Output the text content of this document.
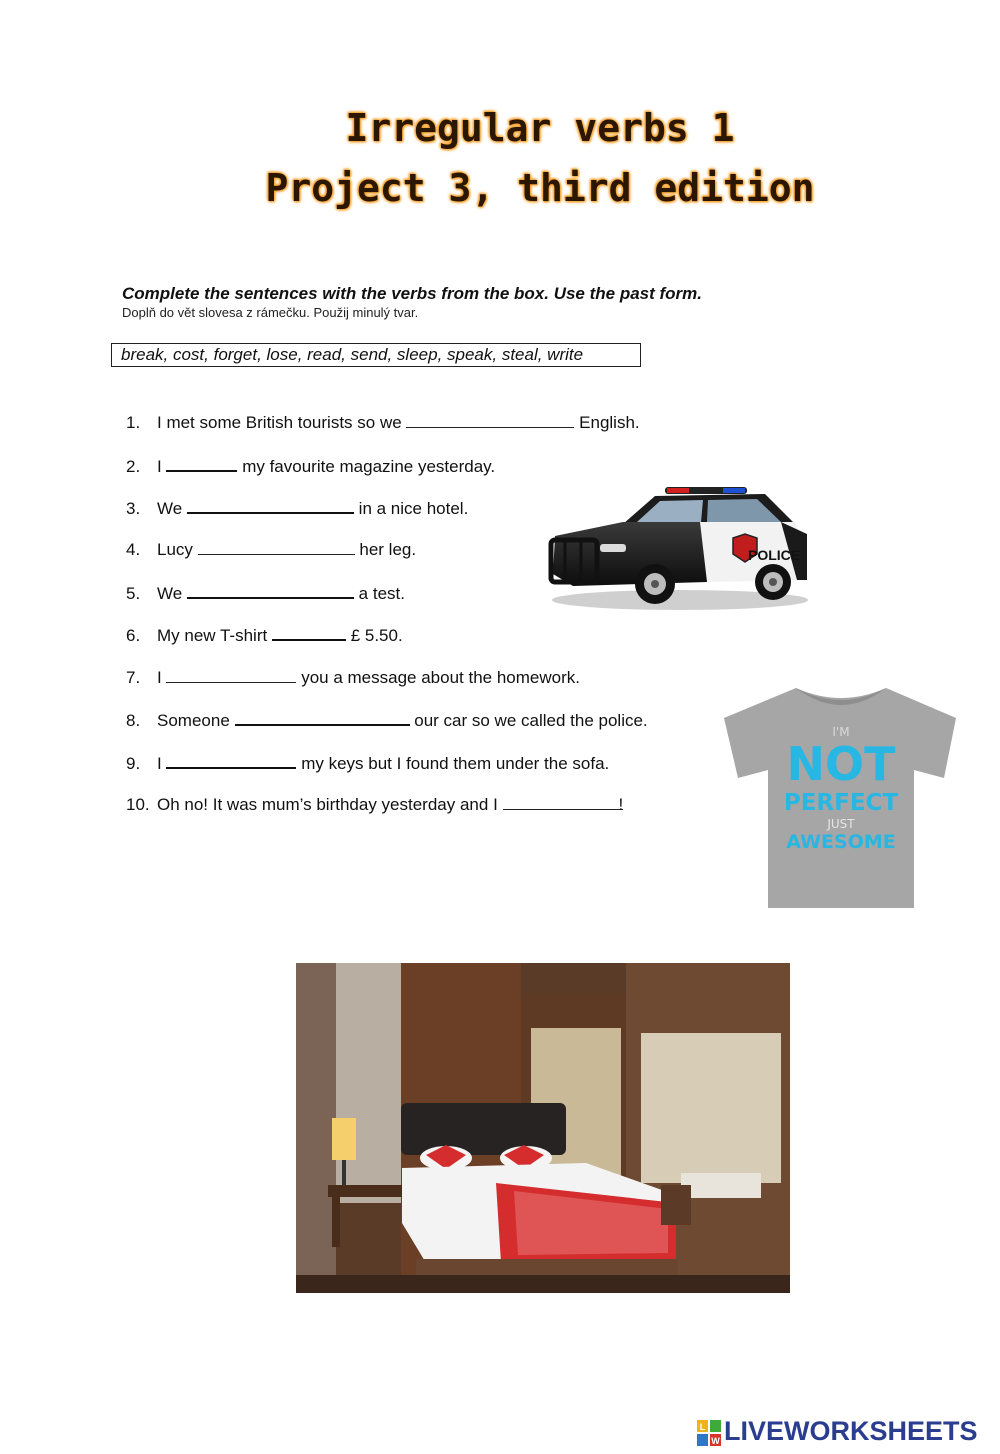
Irregular verbs 1
Project 3, third edition
Complete the sentences with the verbs from the box. Use the past form.
Doplň do vět slovesa z rámečku. Použij minulý tvar.
break, cost, forget, lose, read, send, sleep, speak, steal, write
1. I met some British tourists so we	English.
2. I	my favourite magazine yesterday.
3. We	in a nice hotel.
4. Lucy	her leg.
5. We	a test.
6. My new T-shirt	£ 5.50.
7. I	you a message about the homework.
8. Someone	our car so we called the police.
9. I	my keys but I found them under the sofa.
10. Oh no! It was mum’s birthday yesterday and I	!
POLICE
I'M
NOT
PERFECT
JUST
AWESOME
L
W LIVEWORKSHEETS
